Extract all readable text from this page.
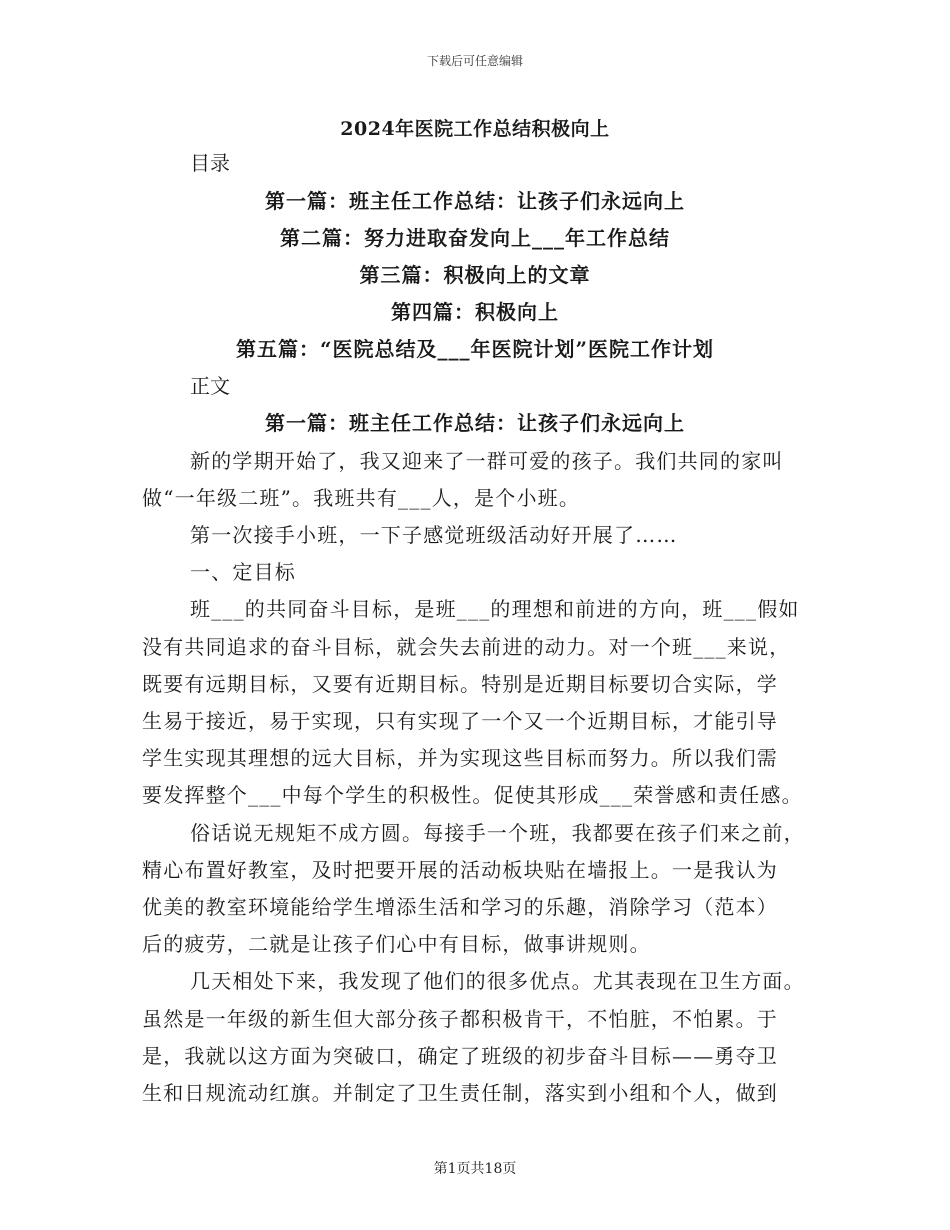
下载后可任意编辑
2024年医院工作总结积极向上
目录
第一篇：班主任工作总结：让孩子们永远向上
第二篇：努力进取奋发向上___年工作总结
第三篇：积极向上的文章
第四篇：积极向上
第五篇：“医院总结及___年医院计划”医院工作计划
正文
第一篇：班主任工作总结：让孩子们永远向上
新的学期开始了，我又迎来了一群可爱的孩子。我们共同的家叫
做“一年级二班”。我班共有___人，是个小班。
第一次接手小班，一下子感觉班级活动好开展了……
一、定目标
班___的共同奋斗目标，是班___的理想和前进的方向，班___假如
没有共同追求的奋斗目标，就会失去前进的动力。对一个班___来说，
既要有远期目标，又要有近期目标。特别是近期目标要切合实际，学
生易于接近，易于实现，只有实现了一个又一个近期目标，才能引导
学生实现其理想的远大目标，并为实现这些目标而努力。所以我们需
要发挥整个___中每个学生的积极性。促使其形成___荣誉感和责任感。
俗话说无规矩不成方圆。每接手一个班，我都要在孩子们来之前，
精心布置好教室，及时把要开展的活动板块贴在墙报上。一是我认为
优美的教室环境能给学生增添生活和学习的乐趣，消除学习（范本）
后的疲劳，二就是让孩子们心中有目标，做事讲规则。
几天相处下来，我发现了他们的很多优点。尤其表现在卫生方面。
虽然是一年级的新生但大部分孩子都积极肯干，不怕脏，不怕累。于
是，我就以这方面为突破口，确定了班级的初步奋斗目标——勇夺卫
生和日规流动红旗。并制定了卫生责任制，落实到小组和个人，做到
第1页共18页
